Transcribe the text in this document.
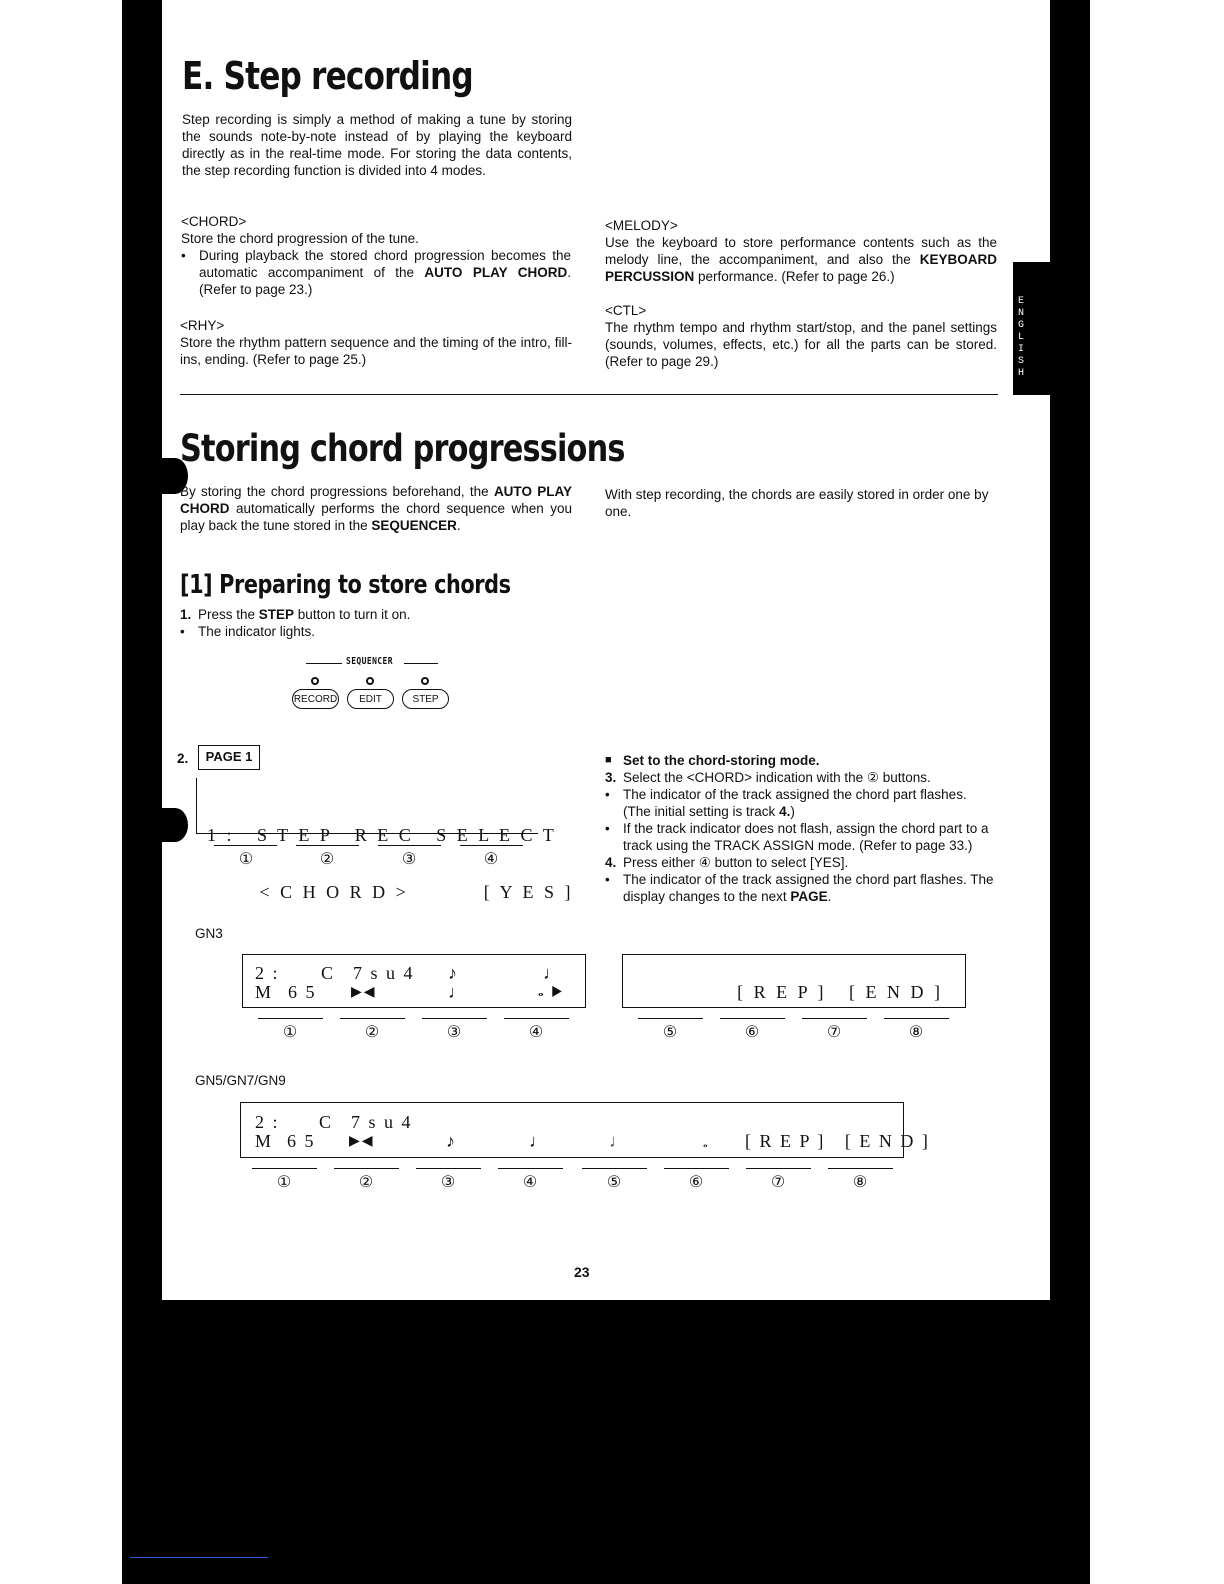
E N G L I S H
E. Step recording
Step recording is simply a method of making a tune by storing the sounds note-by-note instead of by playing the keyboard directly as in the real-time mode. For storing the data contents, the step recording function is divided into 4 modes.
<CHORD>
Store the chord progression of the tune.
• During playback the stored chord progression becomes the automatic accompaniment of the AUTO PLAY CHORD. (Refer to page 23.)
<RHY>
Store the rhythm pattern sequence and the timing of the intro, fill-ins, ending. (Refer to page 25.)
<MELODY>
Use the keyboard to store performance contents such as the melody line, the accompaniment, and also the KEYBOARD PERCUSSION performance. (Refer to page 26.)
<CTL>
The rhythm tempo and rhythm start/stop, and the panel settings (sounds, volumes, effects, etc.) for all the parts can be stored. (Refer to page 29.)
Storing chord progressions
By storing the chord progressions beforehand, the AUTO PLAY CHORD automatically performs the chord sequence when you play back the tune stored in the SEQUENCER.
With step recording, the chords are easily stored in order one by one.
[1] Preparing to store chords
1. Press the STEP button to turn it on.
• The indicator lights.
SEQUENCER
RECORD	EDIT	STEP
2.	PAGE 1

1 :   S T E P   R E C   S E L E C T

< C H O R D >          [ Y E S ]

①	②	③	④
■ Set to the chord-storing mode.
3. Select the <CHORD> indication with the ② buttons.
• The indicator of the track assigned the chord part flashes. (The initial setting is track 4.)
• If the track indicator does not flash, assign the chord part to a track using the TRACK ASSIGN mode. (Refer to page 33.)
4. Press either ④ button to select [YES].
• The indicator of the track assigned the chord part flashes. The display changes to the next PAGE.
GN3

2 :

C

7 s u 4

♪

	♩

M

6 5

▶◀

	♩

	𝅝 ▶

	[ R E P ]   [ E N D ]

①	②	③	④	⑤	⑥	⑦	⑧
GN5/GN7/GN9

2 :

C

7 s u 4

M

6 5

▶◀

	♪

	♩

	♩

	𝅝

[ R E P ]   [ E N D ]

①	②	③	④	⑤	⑥	⑦	⑧
23
